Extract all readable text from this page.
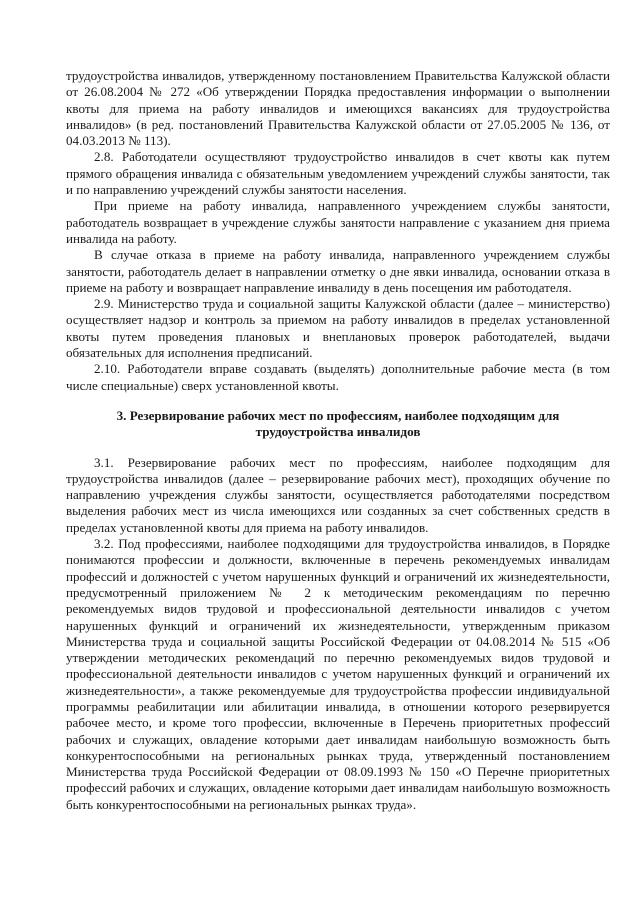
трудоустройства инвалидов, утвержденному постановлением Правительства Калужской области от 26.08.2004 № 272 «Об утверждении Порядка предоставления информации о выполнении квоты для приема на работу инвалидов и имеющихся вакансиях для трудоустройства инвалидов» (в ред. постановлений Правительства Калужской области от 27.05.2005 № 136, от 04.03.2013 № 113).

2.8. Работодатели осуществляют трудоустройство инвалидов в счет квоты как путем прямого обращения инвалида с обязательным уведомлением учреждений службы занятости, так и по направлению учреждений службы занятости населения.

При приеме на работу инвалида, направленного учреждением службы занятости, работодатель возвращает в учреждение службы занятости направление с указанием дня приема инвалида на работу.

В случае отказа в приеме на работу инвалида, направленного учреждением службы занятости, работодатель делает в направлении отметку о дне явки инвалида, основании отказа в приеме на работу и возвращает направление инвалиду в день посещения им работодателя.

2.9. Министерство труда и социальной защиты Калужской области (далее – министерство) осуществляет надзор и контроль за приемом на работу инвалидов в пределах установленной квоты путем проведения плановых и внеплановых проверок работодателей, выдачи обязательных для исполнения предписаний.

2.10. Работодатели вправе создавать (выделять) дополнительные рабочие места (в том числе специальные) сверх установленной квоты.

3. Резервирование рабочих мест по профессиям, наиболее подходящим для
трудоустройства инвалидов

3.1. Резервирование рабочих мест по профессиям, наиболее подходящим для трудоустройства инвалидов (далее – резервирование рабочих мест), проходящих обучение по направлению учреждения службы занятости, осуществляется работодателями посредством выделения рабочих мест из числа имеющихся или созданных за счет собственных средств в пределах установленной квоты для приема на работу инвалидов.

3.2. Под профессиями, наиболее подходящими для трудоустройства инвалидов, в Порядке понимаются профессии и должности, включенные в перечень рекомендуемых инвалидам профессий и должностей с учетом нарушенных функций и ограничений их жизнедеятельности, предусмотренный приложением № 2 к методическим рекомендациям по перечню рекомендуемых видов трудовой и профессиональной деятельности инвалидов с учетом нарушенных функций и ограничений их жизнедеятельности, утвержденным приказом Министерства труда и социальной защиты Российской Федерации от 04.08.2014 № 515 «Об утверждении методических рекомендаций по перечню рекомендуемых видов трудовой и профессиональной деятельности инвалидов с учетом нарушенных функций и ограничений их жизнедеятельности», а также рекомендуемые для трудоустройства профессии индивидуальной программы реабилитации или абилитации инвалида, в отношении которого резервируется рабочее место, и кроме того профессии, включенные в Перечень приоритетных профессий рабочих и служащих, овладение которыми дает инвалидам наибольшую возможность быть конкурентоспособными на региональных рынках труда, утвержденный постановлением Министерства труда Российской Федерации от 08.09.1993 № 150 «О Перечне приоритетных профессий рабочих и служащих, овладение которыми дает инвалидам наибольшую возможность быть конкурентоспособными на региональных рынках труда».
